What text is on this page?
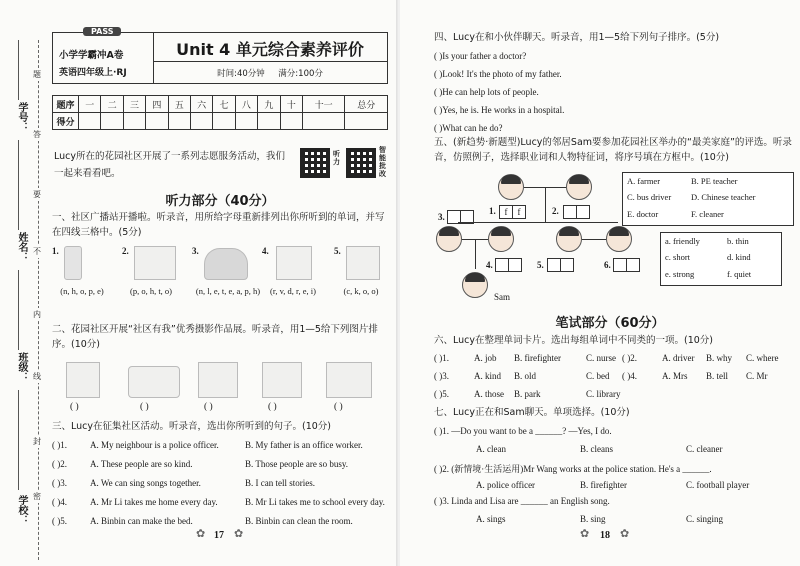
学号：
姓名：
班级：
学校：
题
答
要
不
内
线
封
密
PASS
小学学霸冲A卷
英语四年级上·RJ
Unit 4 单元综合素养评价
时间:40分钟 满分:100分
题序	一	二	三	四	五	六	七	八	九	十	十一	总分
得分												
Lucy所在的花园社区开展了一系列志愿服务活动，我们一起来看看吧。
听力
智能批改
听力部分（40分）
一、社区广播站开播啦。听录音，用所给字母重新排列出你所听到的单词，并写在四线三格中。(5分)
1.
(n, h, o, p, e)
2.
(p, o, h, t, o)
3.
(n, l, e, t, e, a, p, h)
4.
(r, v, d, r, e, i)
5.
(c, k, o, o)
二、花园社区开展“社区有我”优秀摄影作品展。听录音，用1—5给下列图片排序。(10分)
( )	( )	( )	( )	( )
三、Lucy在征集社区活动。听录音，选出你所听到的句子。(10分)
( )1.	A. My neighbour is a police officer.	B. My father is an office worker.
( )2.	A. These people are so kind.	B. Those people are so busy.
( )3.	A. We can sing songs together.	B. I can tell stories.
( )4.	A. Mr Li takes me home every day.	B. Mr Li takes me to school every day.
( )5.	A. Binbin can make the bed.	B. Binbin can clean the room.
✿ 17 ✿
四、Lucy在和小伙伴聊天。听录音，用1—5给下列句子排序。(5分)
( )Is your father a doctor?
( )Look! It's the photo of my father.
( )He can help lots of people.
( )Yes, he is. He works in a hospital.
( )What can he do?
五、(新趋势·新题型)Lucy的邻居Sam要参加花园社区举办的“最美家庭”的评选。听录音，仿照例子，选择职业词和人物特征词，将序号填在方框中。(10分)
1. f	f	2.
3.
4.	5.	6.
Sam
A. farmer	B. PE teacher
C. bus driver D. Chinese teacher
E. doctor	F. cleaner
a. friendly	b. thin
c. short	d. kind
e. strong	f. quiet
笔试部分（60分）
六、Lucy在整理单词卡片。选出每组单词中不同类的一项。(10分)
( )1.	A. job B. firefighter	C. nurse ( )2.	A. driver B. why C. where
( )3.	A. kind B. old	C. bed ( )4.	A. Mrs B. tell C. Mr
( )5.	A. those B. park	C. library
七、Lucy正在和Sam聊天。单项选择。(10分)
( )1. —Do you want to be a ______? —Yes, I do.
A. clean	B. cleans	C. cleaner
( )2. (新情境·生活运用)Mr Wang works at the police station. He's a ______.
A. police officer	B. firefighter	C. football player
( )3. Linda and Lisa are ______ an English song.
A. sings	B. sing	C. singing
✿ 18 ✿
